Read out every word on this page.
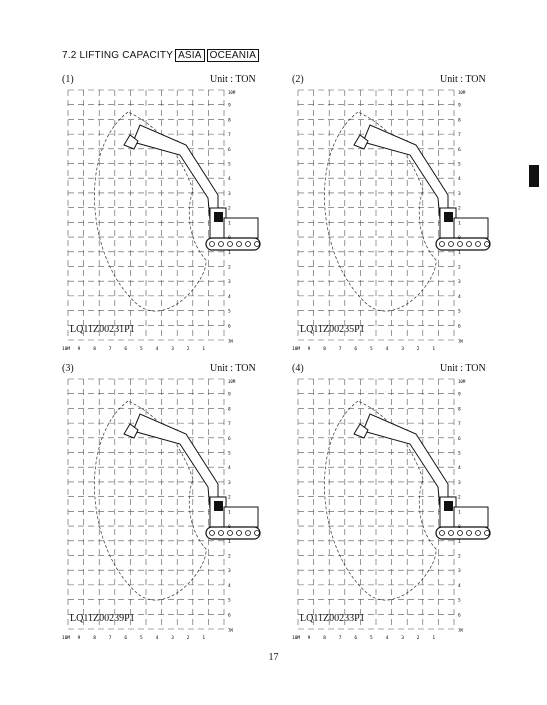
7.2 LIFTING CAPACITY ASIA OCEANIA
(1)	Unit : TON
10M
9
8
7
6
5
4
3
2
1
0
1
2
3
4
5
6
7M
10M 9	8	7	6	5	4	3	2	1
LQ11Z00231P1
(2)	Unit : TON
10M
9
8
7
6
5
4
3
2
1
0
1
2
3
4
5
6
7M
10M 9	8	7	6	5	4	3	2	1
LQ11Z00235P1
(3)	Unit : TON
10M
9
8
7
6
5
4
3
2
1
0
1
2
3
4
5
6
7M
10M 9	8	7	6	5	4	3	2	1
LQ11Z00239P1
(4)	Unit : TON
10M
9
8
7
6
5
4
3
2
1
0
1
2
3
4
5
6
7M
10M 9	8	7	6	5	4	3	2	1
LQ11Z00233P1
17
